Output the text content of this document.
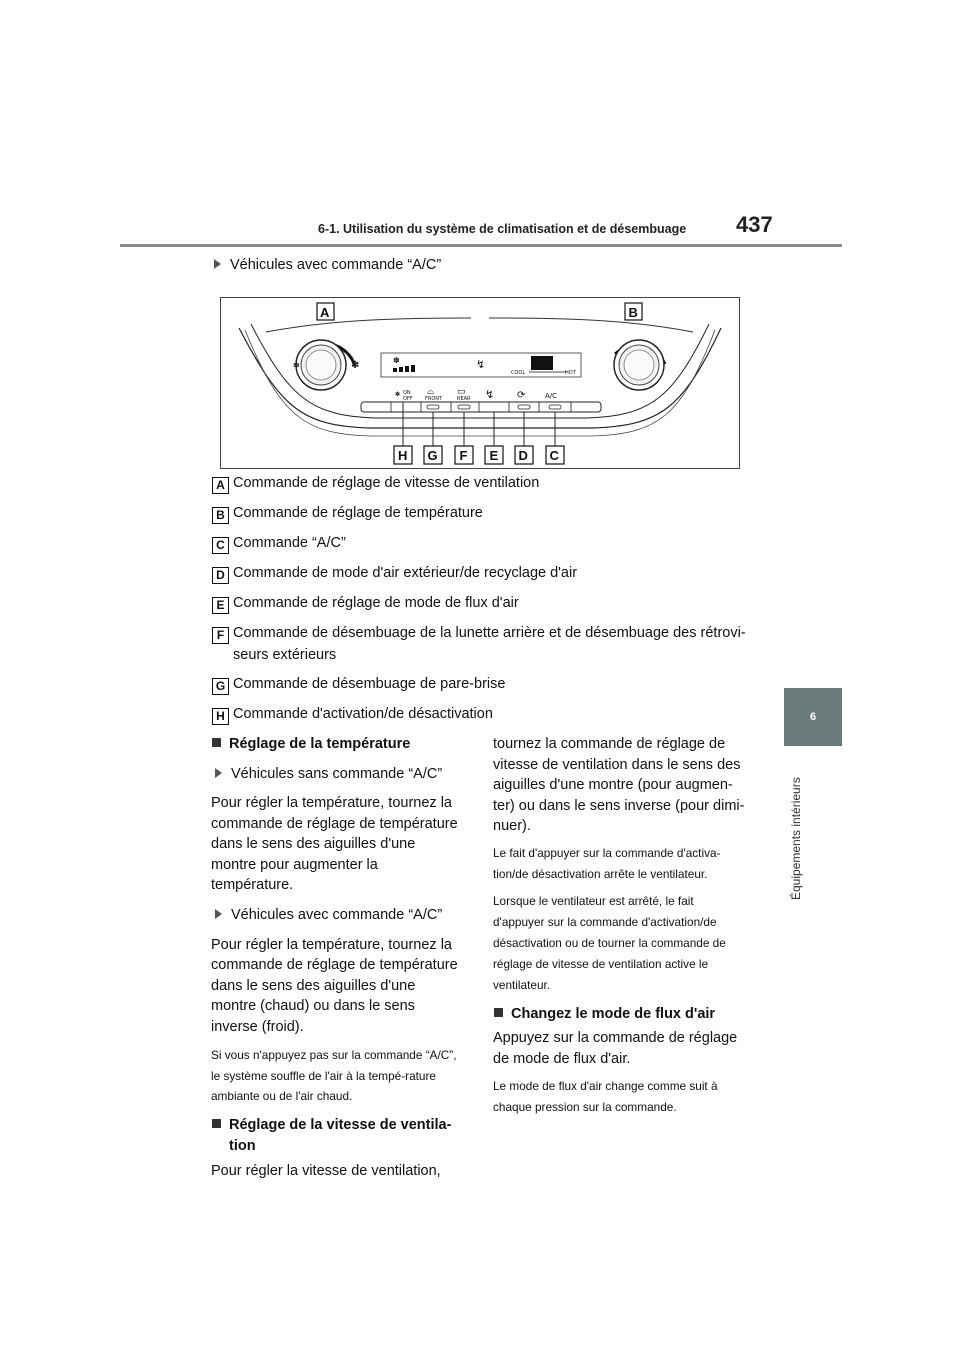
6-1. Utilisation du système de climatisation et de désembuage 437
6
Équipements intérieurs
Véhicules avec commande “A/C”
✽	✽	✽	↯
COOL	HOT
✽ ON
OFF
⌓
FRONT
▭
REAR ↯ ⟳	A/C
A	B
H G F E D C
A Commande de réglage de vitesse de ventilation
B Commande de réglage de température
C Commande “A/C”
D Commande de mode d'air extérieur/de recyclage d'air
E Commande de réglage de mode de flux d'air
F Commande de désembuage de la lunette arrière et de désembuage des rétrovi-
seurs extérieurs
G Commande de désembuage de pare-brise
H Commande d'activation/de désactivation

Réglage de la température

Véhicules sans commande “A/C”

Pour régler la température, tournez la commande de réglage de température dans le sens des aiguilles d'une montre pour augmenter la température.

Véhicules avec commande “A/C”

Pour régler la température, tournez la commande de réglage de température dans le sens des aiguilles d'une montre (chaud) ou dans le sens inverse (froid).

Si vous n'appuyez pas sur la commande “A/C”, le système souffle de l'air à la tempé-rature ambiante ou de l'air chaud.

Réglage de la vitesse de ventila-tion

Pour régler la vitesse de ventilation,

tournez la commande de réglage de vitesse de ventilation dans le sens des aiguilles d'une montre (pour augmen-ter) ou dans le sens inverse (pour dimi-nuer).

Le fait d'appuyer sur la commande d'activa-tion/de désactivation arrête le ventilateur.

Lorsque le ventilateur est arrêté, le fait d'appuyer sur la commande d'activation/de désactivation ou de tourner la commande de réglage de vitesse de ventilation active le ventilateur.

Changez le mode de flux d'air

Appuyez sur la commande de réglage de mode de flux d'air.

Le mode de flux d'air change comme suit à chaque pression sur la commande.
